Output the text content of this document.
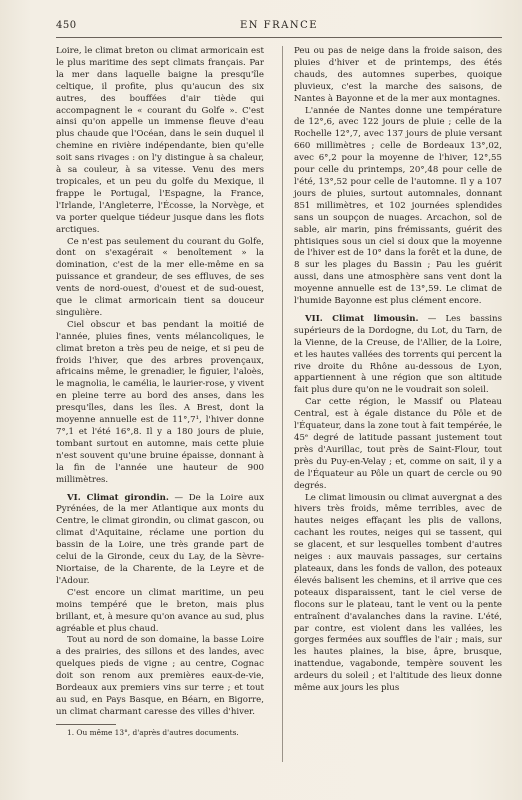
450	EN FRANCE

Loire, le climat breton ou climat armoricain est le plus maritime des sept climats français. Par la mer dans laquelle baigne la presqu'île celtique, il profite, plus qu'aucun des six autres, des bouffées d'air tiède qui accompagnent le « courant du Golfe ». C'est ainsi qu'on appelle un immense fleuve d'eau plus chaude que l'Océan, dans le sein duquel il chemine en rivière indépendante, bien qu'elle soit sans rivages : on l'y distingue à sa chaleur, à sa couleur, à sa vitesse. Venu des mers tropicales, et un peu du golfe du Mexique, il frappe le Portugal, l'Espagne, la France, l'Irlande, l'Angleterre, l'Écosse, la Norvège, et va porter quelque tiédeur jusque dans les flots arctiques.

Ce n'est pas seulement du courant du Golfe, dont on s'exagérait « benoîtement » la domination, c'est de la mer elle-même en sa puissance et grandeur, de ses effluves, de ses vents de nord-ouest, d'ouest et de sud-ouest, que le climat armoricain tient sa douceur singulière.

Ciel obscur et bas pendant la moitié de l'année, pluies fines, vents mélancoliques, le climat breton a très peu de neige, et si peu de froids l'hiver, que des arbres provençaux, africains même, le grenadier, le figuier, l'aloès, le magnolia, le camélia, le laurier-rose, y vivent en pleine terre au bord des anses, dans les presqu'îles, dans les îles. A Brest, dont la moyenne annuelle est de 11°,7¹, l'hiver donne 7°,1 et l'été 16°,8. Il y a 180 jours de pluie, tombant surtout en automne, mais cette pluie n'est souvent qu'une bruine épaisse, donnant à la fin de l'année une hauteur de 900 millimètres.

VI. Climat girondin. — De la Loire aux Pyrénées, de la mer Atlantique aux monts du Centre, le climat girondin, ou climat gascon, ou climat d'Aquitaine, réclame une portion du bassin de la Loire, une très grande part de celui de la Gironde, ceux du Lay, de la Sèvre-Niortaise, de la Charente, de la Leyre et de l'Adour.

C'est encore un climat maritime, un peu moins tempéré que le breton, mais plus brillant, et, à mesure qu'on avance au sud, plus agréable et plus chaud.

Tout au nord de son domaine, la basse Loire a des prairies, des sillons et des landes, avec quelques pieds de vigne ; au centre, Cognac doit son renom aux premières eaux-de-vie, Bordeaux aux premiers vins sur terre ; et tout au sud, en Pays Basque, en Béarn, en Bigorre, un climat charmant caresse des villes d'hiver.

1. Ou même 13°, d'après d'autres documents.

Peu ou pas de neige dans la froide saison, des pluies d'hiver et de printemps, des étés chauds, des automnes superbes, quoique pluvieux, c'est la marche des saisons, de Nantes à Bayonne et de la mer aux montagnes.

L'année de Nantes donne une température de 12°,6, avec 122 jours de pluie ; celle de la Rochelle 12°,7, avec 137 jours de pluie versant 660 millimètres ; celle de Bordeaux 13°,02, avec 6°,2 pour la moyenne de l'hiver, 12°,55 pour celle du printemps, 20°,48 pour celle de l'été, 13°,52 pour celle de l'automne. Il y a 107 jours de pluies, surtout automnales, donnant 851 millimètres, et 102 journées splendides sans un soupçon de nuages. Arcachon, sol de sable, air marin, pins frémissants, guérit des phtisiques sous un ciel si doux que la moyenne de l'hiver est de 10° dans la forêt et la dune, de 8 sur les plages du Bassin ; Pau les guérit aussi, dans une atmosphère sans vent dont la moyenne annuelle est de 13°,59. Le climat de l'humide Bayonne est plus clément encore.

VII. Climat limousin. — Les bassins supérieurs de la Dordogne, du Lot, du Tarn, de la Vienne, de la Creuse, de l'Allier, de la Loire, et les hautes vallées des torrents qui percent la rive droite du Rhône au-dessous de Lyon, appartiennent à une région que son altitude fait plus dure qu'on ne le voudrait son soleil.

Car cette région, le Massif ou Plateau Central, est à égale distance du Pôle et de l'Équateur, dans la zone tout à fait tempérée, le 45ᵉ degré de latitude passant justement tout près d'Aurillac, tout près de Saint-Flour, tout près du Puy-en-Velay ; et, comme on sait, il y a de l'Équateur au Pôle un quart de cercle ou 90 degrés.

Le climat limousin ou climat auvergnat a des hivers très froids, même terribles, avec de hautes neiges effaçant les plis de vallons, cachant les routes, neiges qui se tassent, qui se glacent, et sur lesquelles tombent d'autres neiges : aux mauvais passages, sur certains plateaux, dans les fonds de vallon, des poteaux élevés balisent les chemins, et il arrive que ces poteaux disparaissent, tant le ciel verse de flocons sur le plateau, tant le vent ou la pente entraînent d'avalanches dans la ravine. L'été, par contre, est violent dans les vallées, les gorges fermées aux souffles de l'air ; mais, sur les hautes plaines, la bise, âpre, brusque, inattendue, vagabonde, tempère souvent les ardeurs du soleil ; et l'altitude des lieux donne même aux jours les plus
